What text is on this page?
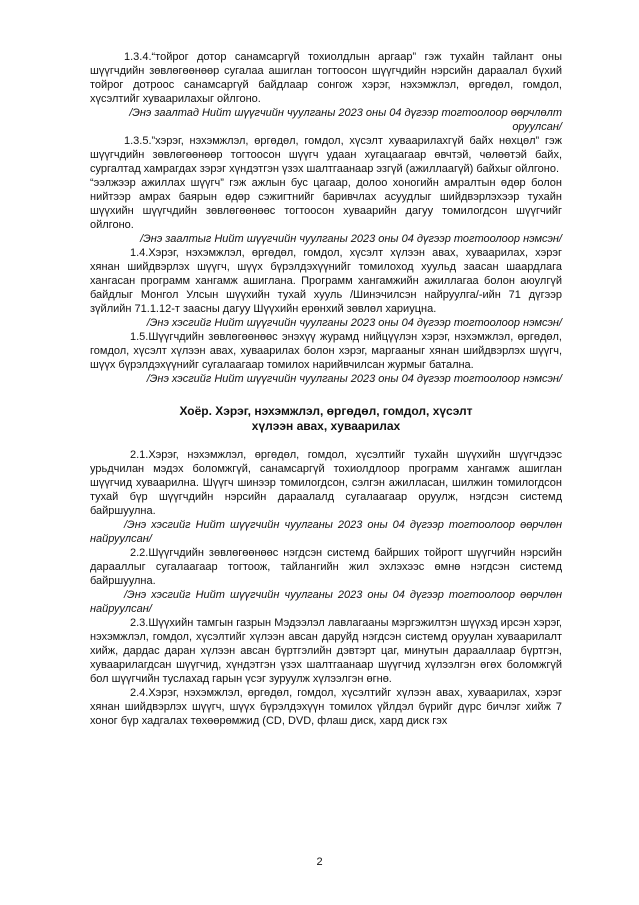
1.3.4.“тойрог дотор санамсаргүй тохиолдлын аргаар” гэж тухайн тайлант оны шүүгчдийн зөвлөгөөнөөр сугалаа ашиглан тогтоосон шүүгчдийн нэрсийн дараалал бүхий тойрог дотроос санамсаргүй байдлаар сонгож хэрэг, нэхэмжлэл, өргөдөл, гомдол, хүсэлтийг хуваарилахыг ойлгоно.

/Энэ заалтад Нийт шүүгчийн чуулганы 2023 оны 04 дүгээр тогтоолоор өөрчлөлт оруулсан/

1.3.5.”хэрэг, нэхэмжлэл, өргөдөл, гомдол, хүсэлт хуваарилахгүй байх нөхцөл” гэж шүүгчдийн зөвлөгөөнөөр тогтоосон шүүгч удаан хугацаагаар өвчтэй, чөлөөтэй байх, сургалтад хамрагдах зэрэг хүндэтгэн үзэх шалтгаанаар эзгүй (ажиллаагүй) байхыг ойлгоно.

“ээлжээр ажиллах шүүгч” гэж ажлын бус цагаар, долоо хоногийн амралтын өдөр болон нийтээр амрах баярын өдөр сэжигтнийг баривчлах асуудлыг шийдвэрлэхээр тухайн шүүхийн шүүгчдийн зөвлөгөөнөөс тогтоосон хуваарийн дагуу томилогдсон шүүгчийг ойлгоно.

/Энэ заалтыг Нийт шүүгчийн чуулганы 2023 оны 04 дүгээр тогтоолоор нэмсэн/

1.4.Хэрэг, нэхэмжлэл, өргөдөл, гомдол, хүсэлт хүлээн авах, хуваарилах, хэрэг хянан шийдвэрлэх шүүгч, шүүх бүрэлдэхүүнийг томилоход хуульд заасан шаардлага хангасан программ хангамж ашиглана. Программ хангамжийн ажиллагаа болон аюулгүй байдлыг Монгол Улсын шүүхийн тухай хууль /Шинэчилсэн найруулга/-ийн 71 дүгээр зүйлийн 71.1.12-т заасны дагуу Шүүхийн ерөнхий зөвлөл хариуцна.

/Энэ хэсгийг Нийт шүүгчийн чуулганы 2023 оны 04 дүгээр тогтоолоор нэмсэн/

1.5.Шүүгчдийн зөвлөгөөнөөс энэхүү журамд нийцүүлэн хэрэг, нэхэмжлэл, өргөдөл, гомдол, хүсэлт хүлээн авах, хуваарилах болон хэрэг, маргааныг хянан шийдвэрлэх шүүгч, шүүх бүрэлдэхүүнийг сугалаагаар томилох нарийвчилсан журмыг батална.

/Энэ хэсгийг Нийт шүүгчийн чуулганы 2023 оны 04 дүгээр тогтоолоор нэмсэн/

Хоёр. Хэрэг, нэхэмжлэл, өргөдөл, гомдол, хүсэлт
хүлээн авах, хуваарилах

2.1.Хэрэг, нэхэмжлэл, өргөдөл, гомдол, хүсэлтийг тухайн шүүхийн шүүгчдээс урьдчилан мэдэх боломжгүй, санамсаргүй тохиолдлоор программ хангамж ашиглан шүүгчид хуваарилна. Шүүгч шинээр томилогдсон, сэлгэн ажилласан, шилжин томилогдсон тухай бүр шүүгчдийн нэрсийн дараалалд сугалаагаар оруулж, нэгдсэн системд байршуулна.

/Энэ хэсгийг Нийт шүүгчийн чуулганы 2023 оны 04 дүгээр тогтоолоор өөрчлөн найруулсан/

2.2.Шүүгчдийн зөвлөгөөнөөс нэгдсэн системд байрших тойрогт шүүгчийн нэрсийн дарааллыг сугалаагаар тогтоож, тайлангийн жил эхлэхээс өмнө нэгдсэн системд байршуулна.

/Энэ хэсгийг Нийт шүүгчийн чуулганы 2023 оны 04 дүгээр тогтоолоор өөрчлөн найруулсан/

2.3.Шүүхийн тамгын газрын Мэдээлэл лавлагааны мэргэжилтэн шүүхэд ирсэн хэрэг, нэхэмжлэл, гомдол, хүсэлтийг хүлээн авсан даруйд нэгдсэн системд оруулан хуваарилалт хийж, дардас даран хүлээн авсан бүртгэлийн дэвтэрт цаг, минутын дарааллаар бүртгэн, хуваарилагдсан шүүгчид, хүндэтгэн үзэх шалтгаанаар шүүгчид хүлээлгэн өгөх боломжгүй бол шүүгчийн туслахад гарын үсэг зуруулж хүлээлгэн өгнө.

2.4.Хэрэг, нэхэмжлэл, өргөдөл, гомдол, хүсэлтийг хүлээн авах, хуваарилах, хэрэг хянан шийдвэрлэх шүүгч, шүүх бүрэлдэхүүн томилох үйлдэл бүрийг дүрс бичлэг хийж 7 хоног бүр хадгалах төхөөрөмжид (CD, DVD, флаш диск, хард диск гэх

2
